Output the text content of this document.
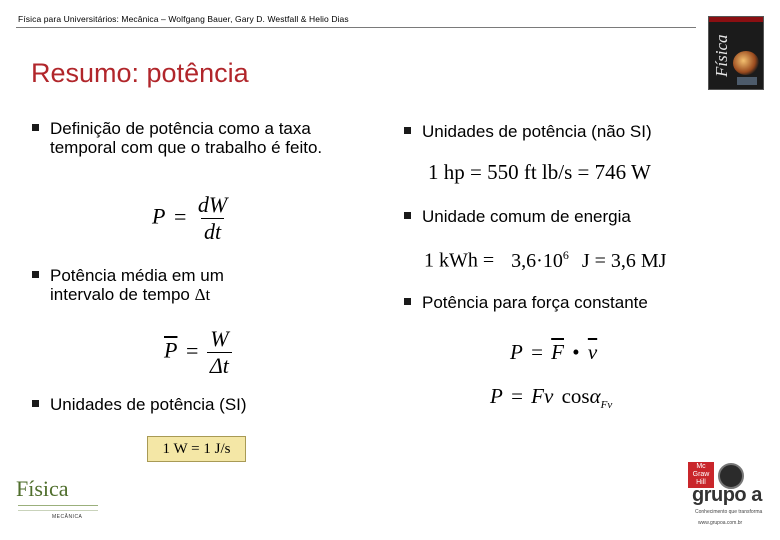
Física para Universitários: Mecânica – Wolfgang Bauer, Gary D. Westfall & Helio Dias
Física
Resumo: potência
Definição de potência como a taxa temporal com que o trabalho é feito.
$P = \frac{dW}{dt}$
Potência média em um intervalo de tempo Δt
$\overline{P} = \frac{W}{\Delta t}$
Unidades de potência (SI)
1 W = 1 J/s
Unidades de potência (não SI)
1 hp = 550 ft lb/s = 746 W
Unidade comum de energia
1 kWh = $3,6\cdot 10^6$ J = 3,6 MJ
Potência para força constante
$P = \overline{F}$ • $\overline{v}$
P = Fv cosα$_{Fv}$
Física
MECÂNICA
Mc Graw Hill
grupo a
Conhecimento que transforma
www.grupoa.com.br
